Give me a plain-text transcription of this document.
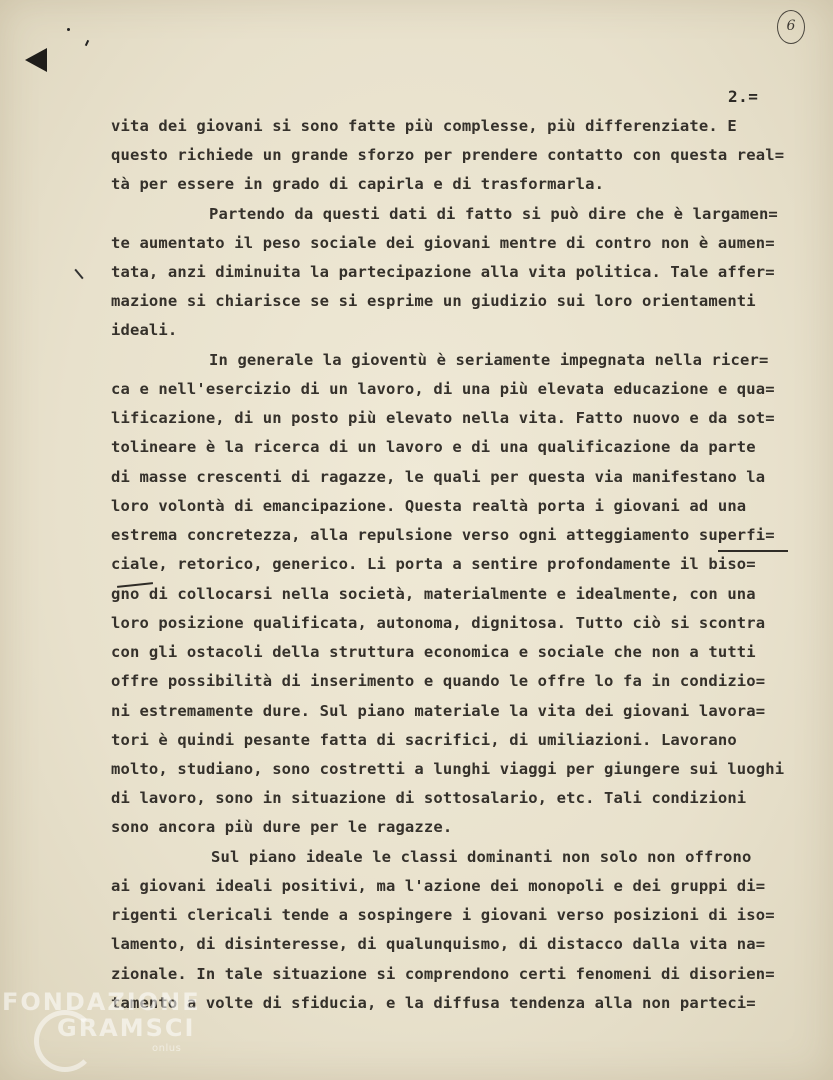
6
2.=
vita dei giovani si sono fatte più complesse, più differenziate. E
questo richiede un grande sforzo per prendere contatto con questa real=
tà per essere in grado di capirla e di trasformarla.
Partendo da questi dati di fatto si può dire che è largamen=
te aumentato il peso sociale dei giovani mentre di contro non è aumen=
tata, anzi diminuita la partecipazione alla vita politica. Tale affer=
mazione si chiarisce se si esprime un giudizio sui loro orientamenti
ideali.
In generale la gioventù è seriamente impegnata nella ricer=
ca e nell'esercizio di un lavoro, di una più elevata educazione e qua=
lificazione, di un posto più elevato nella vita. Fatto nuovo e da sot=
tolineare è la ricerca di un lavoro e di una qualificazione da parte
di masse crescenti di ragazze, le quali per questa via manifestano la
loro volontà di emancipazione. Questa realtà porta i giovani ad una
estrema concretezza, alla repulsione verso ogni atteggiamento superfi=
ciale, retorico, generico. Li porta a sentire profondamente il biso=
gno di collocarsi nella società, materialmente e idealmente, con una
loro posizione qualificata, autonoma, dignitosa. Tutto ciò si scontra
con gli ostacoli della struttura economica e sociale che non a tutti
offre possibilità di inserimento e quando le offre lo fa in condizio=
ni estremamente dure. Sul piano materiale la vita dei giovani lavora=
tori è quindi pesante fatta di sacrifici, di umiliazioni. Lavorano
molto, studiano, sono costretti a lunghi viaggi per giungere sui luoghi
di lavoro, sono in situazione di sottosalario, etc. Tali condizioni
sono ancora più dure per le ragazze.
Sul piano ideale le classi dominanti non solo non offrono
ai giovani ideali positivi, ma l'azione dei monopoli e dei gruppi di=
rigenti clericali tende a sospingere i giovani verso posizioni di iso=
lamento, di disinteresse, di qualunquismo, di distacco dalla vita na=
zionale. In tale situazione si comprendono certi fenomeni di disorien=
tamento a volte di sfiducia, e la diffusa tendenza alla non parteci=
FONDAZIONE
GRAMSCI
onlus
